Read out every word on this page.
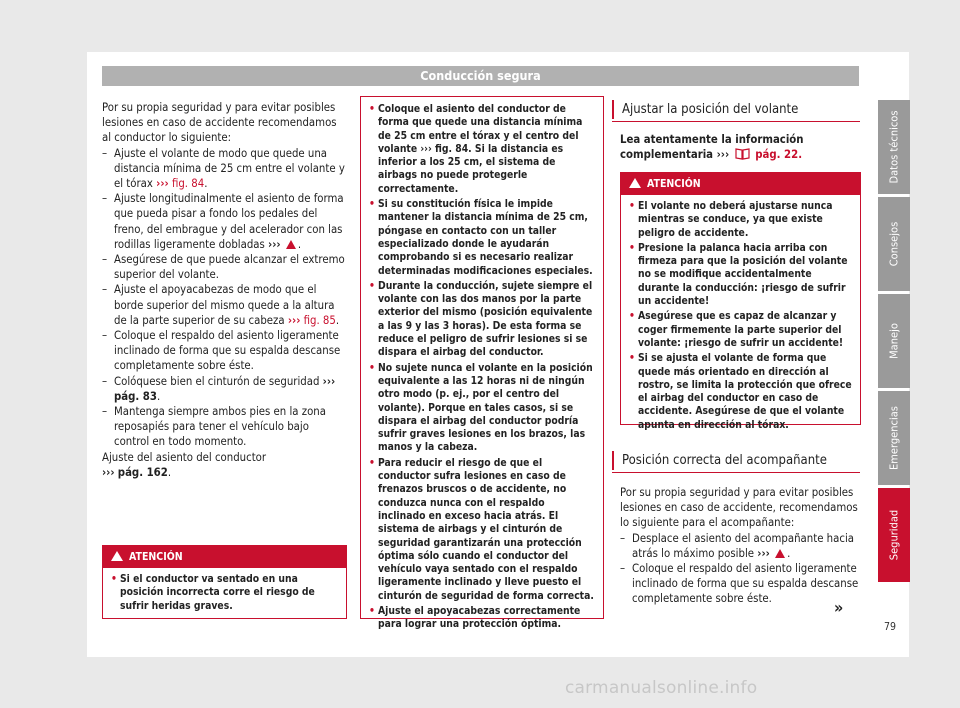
Conducción segura

Por su propia seguridad y para evitar posibles lesiones en caso de accidente recomendamos al conductor lo siguiente:

– Ajuste el volante de modo que quede una distancia mínima de 25 cm entre el volante y el tórax ››› fig. 84.
– Ajuste longitudinalmente el asiento de forma que pueda pisar a fondo los pedales del freno, del embrague y del acelerador con las rodillas ligeramente dobladas ››› .
– Asegúrese de que puede alcanzar el extremo superior del volante.
– Ajuste el apoyacabezas de modo que el borde superior del mismo quede a la altura de la parte superior de su cabeza ››› fig. 85.
– Coloque el respaldo del asiento ligeramente inclinado de forma que su espalda descanse completamente sobre éste.
– Colóquese bien el cinturón de seguridad ››› pág. 83.
– Mantenga siempre ambos pies en la zona reposapiés para tener el vehículo bajo control en todo momento.

Ajuste del asiento del conductor
››› pág. 162.

ATENCIÓN
• Si el conductor va sentado en una posición incorrecta corre el riesgo de sufrir heridas graves.
• Coloque el asiento del conductor de forma que quede una distancia mínima de 25 cm entre el tórax y el centro del volante ››› fig. 84. Si la distancia es inferior a los 25 cm, el sistema de airbags no puede protegerle correctamente.
• Si su constitución física le impide mantener la distancia mínima de 25 cm, póngase en contacto con un taller especializado donde le ayudarán comprobando si es necesario realizar determinadas modificaciones especiales.
• Durante la conducción, sujete siempre el volante con las dos manos por la parte exterior del mismo (posición equivalente a las 9 y las 3 horas). De esta forma se reduce el peligro de sufrir lesiones si se dispara el airbag del conductor.
• No sujete nunca el volante en la posición equivalente a las 12 horas ni de ningún otro modo (p. ej., por el centro del volante). Porque en tales casos, si se dispara el airbag del conductor podría sufrir graves lesiones en los brazos, las manos y la cabeza.
• Para reducir el riesgo de que el conductor sufra lesiones en caso de frenazos bruscos o de accidente, no conduzca nunca con el respaldo inclinado en exceso hacia atrás. El sistema de airbags y el cinturón de seguridad garantizarán una protección óptima sólo cuando el conductor del vehículo vaya sentado con el respaldo ligeramente inclinado y lleve puesto el cinturón de seguridad de forma correcta.
• Ajuste el apoyacabezas correctamente para lograr una protección óptima.
Ajustar la posición del volante
Lea atentamente la información complementaria ››› pág. 22.
ATENCIÓN
• El volante no deberá ajustarse nunca mientras se conduce, ya que existe peligro de accidente.
• Presione la palanca hacia arriba con firmeza para que la posición del volante no se modifique accidentalmente durante la conducción: ¡riesgo de sufrir un accidente!
• Asegúrese que es capaz de alcanzar y coger firmemente la parte superior del volante: ¡riesgo de sufrir un accidente!
• Si se ajusta el volante de forma que quede más orientado en dirección al rostro, se limita la protección que ofrece el airbag del conductor en caso de accidente. Asegúrese de que el volante apunta en dirección al tórax.
Posición correcta del acompañante

Por su propia seguridad y para evitar posibles lesiones en caso de accidente, recomendamos lo siguiente para el acompañante:

– Desplace el asiento del acompañante hacia atrás lo máximo posible ››› .
– Coloque el respaldo del asiento ligeramente inclinado de forma que su espalda descanse completamente sobre éste.	»
Datos técnicos
Consejos
Manejo
Emergencias
Seguridad
79
carmanualsonline.info
